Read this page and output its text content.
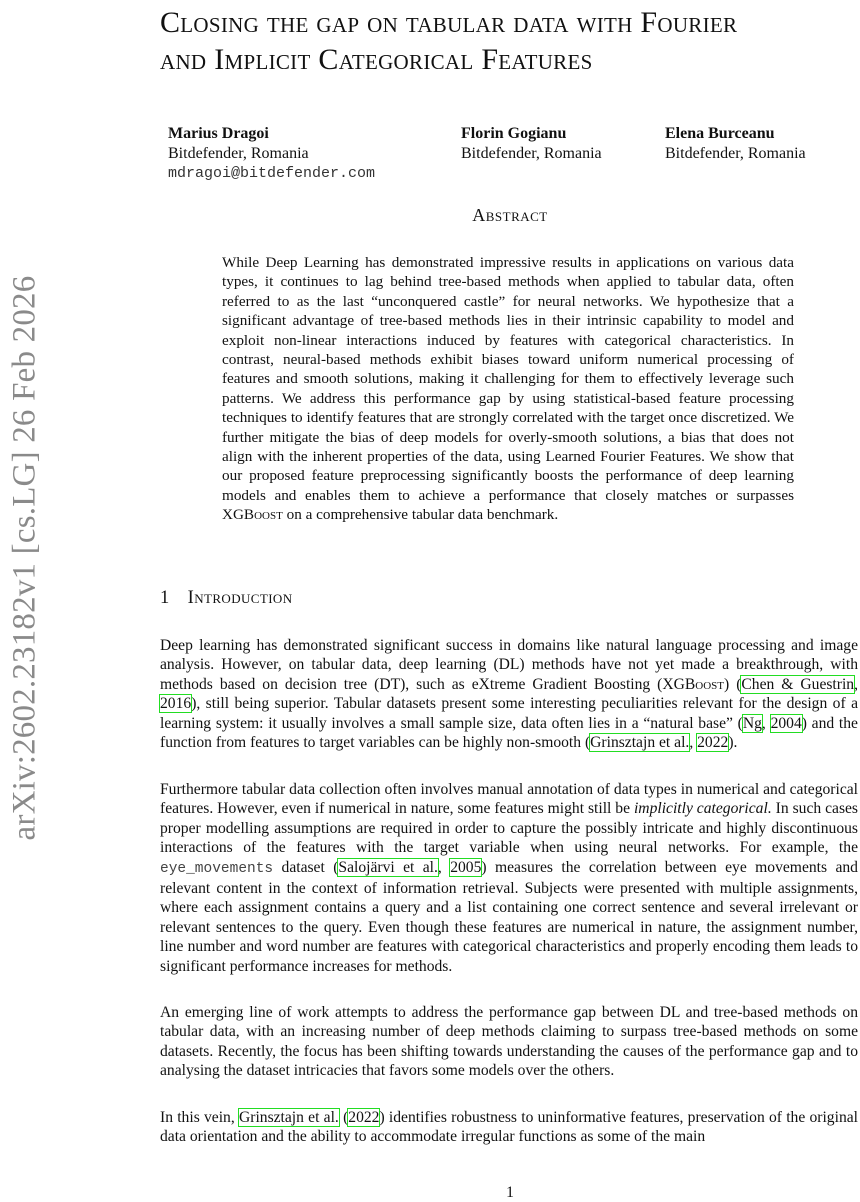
arXiv:2602.23182v1 [cs.LG] 26 Feb 2026
Closing the gap on tabular data with Fourier
and Implicit Categorical Features
Marius Dragoi
Bitdefender, Romania
mdragoi@bitdefender.com
Florin Gogianu
Bitdefender, Romania
Elena Burceanu
Bitdefender, Romania
Abstract
While Deep Learning has demonstrated impressive results in applications on various data types, it continues to lag behind tree-based methods when applied to tabular data, often referred to as the last “unconquered castle” for neural networks. We hypothesize that a significant advantage of tree-based methods lies in their intrinsic capability to model and exploit non-linear interactions induced by features with categorical characteristics. In contrast, neural-based methods exhibit biases toward uniform numerical processing of features and smooth solutions, making it challenging for them to effectively leverage such patterns. We address this performance gap by using statistical-based feature processing techniques to identify features that are strongly correlated with the target once discretized. We further mitigate the bias of deep models for overly-smooth solutions, a bias that does not align with the inherent properties of the data, using Learned Fourier Features. We show that our proposed feature preprocessing significantly boosts the performance of deep learning models and enables them to achieve a performance that closely matches or surpasses XGBoost on a comprehensive tabular data benchmark.
1 Introduction
Deep learning has demonstrated significant success in domains like natural language processing and image analysis. However, on tabular data, deep learning (DL) methods have not yet made a breakthrough, with methods based on decision tree (DT), such as eXtreme Gradient Boosting (XGBoost) (Chen & Guestrin, 2016), still being superior. Tabular datasets present some interesting peculiarities relevant for the design of a learning system: it usually involves a small sample size, data often lies in a “natural base” (Ng, 2004) and the function from features to target variables can be highly non-smooth (Grinsztajn et al., 2022).
Furthermore tabular data collection often involves manual annotation of data types in numerical and categorical features. However, even if numerical in nature, some features might still be implicitly categorical. In such cases proper modelling assumptions are required in order to capture the possibly intricate and highly discontinuous interactions of the features with the target variable when using neural networks. For example, the eye_movements dataset (Salojärvi et al., 2005) measures the correlation between eye movements and relevant content in the context of information retrieval. Subjects were presented with multiple assignments, where each assignment contains a query and a list containing one correct sentence and several irrelevant or relevant sentences to the query. Even though these features are numerical in nature, the assignment number, line number and word number are features with categorical characteristics and properly encoding them leads to significant performance increases for methods.
An emerging line of work attempts to address the performance gap between DL and tree-based methods on tabular data, with an increasing number of deep methods claiming to surpass tree-based methods on some datasets. Recently, the focus has been shifting towards understanding the causes of the performance gap and to analysing the dataset intricacies that favors some models over the others.
In this vein, Grinsztajn et al. (2022) identifies robustness to uninformative features, preservation of the original data orientation and the ability to accommodate irregular functions as some of the main
1
